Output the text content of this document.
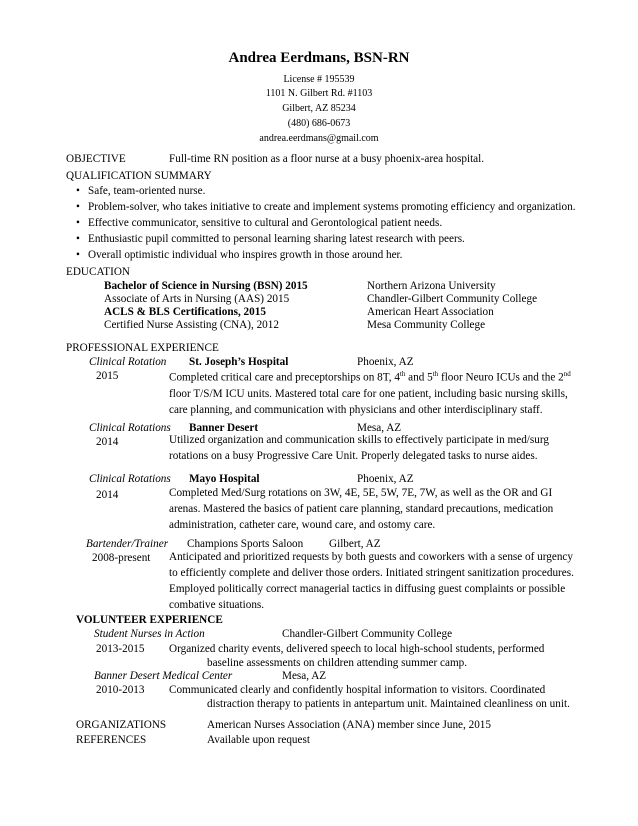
Andrea Eerdmans, BSN-RN
License # 195539
1101 N. Gilbert Rd. #1103
Gilbert, AZ 85234
(480) 686-0673
andrea.eerdmans@gmail.com
OBJECTIVE	Full-time RN position as a floor nurse at a busy phoenix-area hospital.
QUALIFICATION SUMMARY
• Safe, team-oriented nurse.
• Problem-solver, who takes initiative to create and implement systems promoting efficiency and organization.
• Effective communicator, sensitive to cultural and Gerontological patient needs.
• Enthusiastic pupil committed to personal learning sharing latest research with peers.
• Overall optimistic individual who inspires growth in those around her.
EDUCATION
Bachelor of Science in Nursing (BSN) 2015	Northern Arizona University
Associate of Arts in Nursing (AAS) 2015	Chandler-Gilbert Community College
ACLS & BLS Certifications, 2015	American Heart Association
Certified Nurse Assisting (CNA), 2012	Mesa Community College
PROFESSIONAL EXPERIENCE
Clinical Rotation St. Joseph’s Hospital	Phoenix, AZ
2015	Completed critical care and preceptorships on 8T, 4th and 5th floor Neuro ICUs and the 2nd
floor T/S/M ICU units. Mastered total care for one patient, including basic nursing skills,
care planning, and communication with physicians and other interdisciplinary staff.
Clinical Rotations Banner Desert	Mesa, AZ
2014	Utilized organization and communication skills to effectively participate in med/surg
rotations on a busy Progressive Care Unit. Properly delegated tasks to nurse aides.
Clinical Rotations Mayo Hospital	Phoenix, AZ
2014	Completed Med/Surg rotations on 3W, 4E, 5E, 5W, 7E, 7W, as well as the OR and GI
arenas. Mastered the basics of patient care planning, standard precautions, medication
administration, catheter care, wound care, and ostomy care.
Bartender/Trainer Champions Sports Saloon Gilbert, AZ
2008-present Anticipated and prioritized requests by both guests and coworkers with a sense of urgency
to efficiently complete and deliver those orders. Initiated stringent sanitization procedures.
Employed politically correct managerial tactics in diffusing guest complaints or possible
combative situations.
VOLUNTEER EXPERIENCE
Student Nurses in Action	Chandler-Gilbert Community College
2013-2015 Organized charity events, delivered speech to local high-school students, performed
baseline assessments on children attending summer camp.
Banner Desert Medical Center	Mesa, AZ
2010-2013 Communicated clearly and confidently hospital information to visitors. Coordinated
distraction therapy to patients in antepartum unit. Maintained cleanliness on unit.
ORGANIZATIONS	American Nurses Association (ANA) member since June, 2015
REFERENCES	Available upon request
